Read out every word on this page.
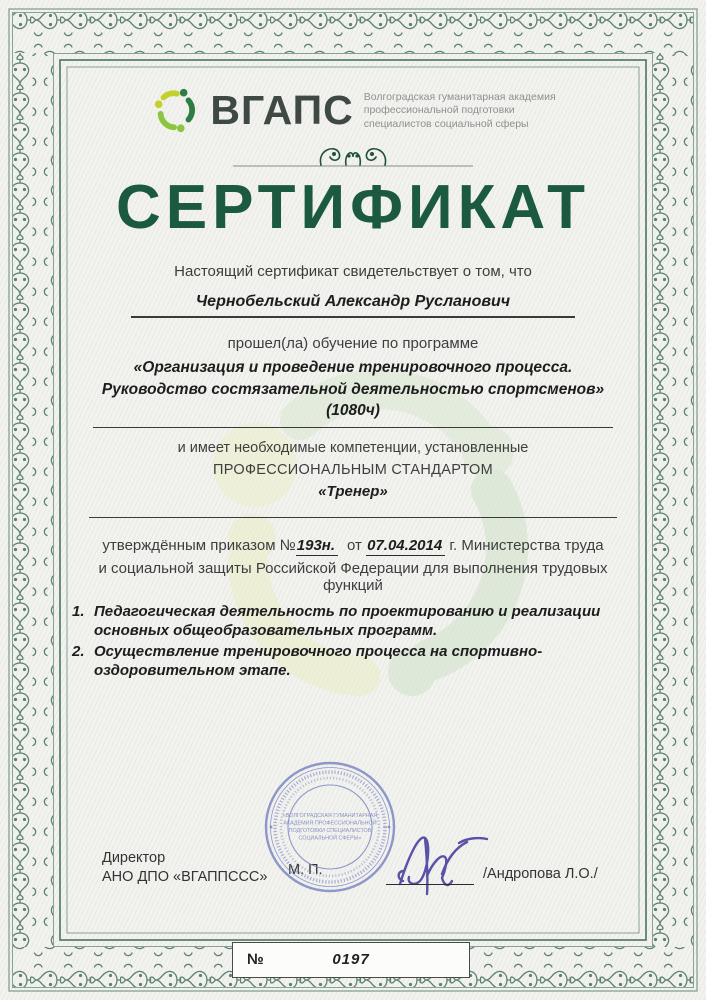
ВГАПС Волгоградская гуманитарная академия
профессиональной подготовки
специалистов социальной сферы
СЕРТИФИКАТ
Настоящий сертификат свидетельствует о том, что
Чернобельский Александр Русланович
прошел(ла) обучение по программе
«Организация и проведение тренировочного процесса. Руководство состязательной деятельностью спортсменов» (1080ч)
и имеет необходимые компетенции, установленные
ПРОФЕССИОНАЛЬНЫМ СТАНДАРТОМ
«Тренер»
утверждённым приказом №193н. от 07.04.2014 г. Министерства труда
и социальной защиты Российской Федерации для выполнения трудовых функций
1. Педагогическая деятельность по проектированию и реализации основных общеобразовательных программ.
2. Осуществление тренировочного процесса на спортивно-оздоровительном этапе.
Директор
АНО ДПО «ВГАППССС» М. П.
«ВОЛГОГРАДСКАЯ ГУМАНИТАРНАЯ
АКАДЕМИЯ ПРОФЕССИОНАЛЬНОЙ
ПОДГОТОВКИ СПЕЦИАЛИСТОВ
СОЦИАЛЬНОЙ СФЕРЫ»
/Андропова Л.О./
№	0197
